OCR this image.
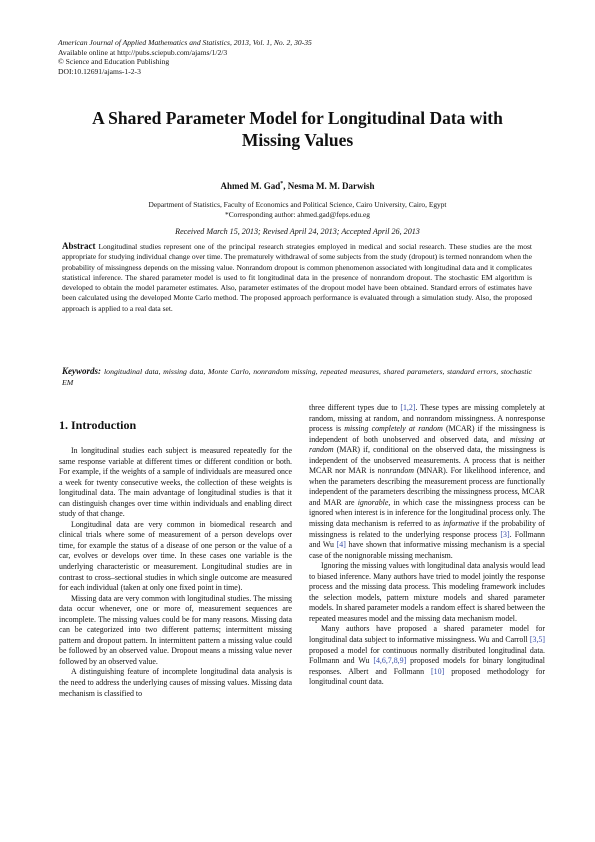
American Journal of Applied Mathematics and Statistics, 2013, Vol. 1, No. 2, 30-35
Available online at http://pubs.sciepub.com/ajams/1/2/3
© Science and Education Publishing
DOI:10.12691/ajams-1-2-3
A Shared Parameter Model for Longitudinal Data with
Missing Values
Ahmed M. Gad*, Nesma M. M. Darwish
Department of Statistics, Faculty of Economics and Political Science, Cairo University, Cairo, Egypt
*Corresponding author: ahmed.gad@feps.edu.eg
Received March 15, 2013; Revised April 24, 2013; Accepted April 26, 2013
Abstract Longitudinal studies represent one of the principal research strategies employed in medical and social research. These studies are the most appropriate for studying individual change over time. The prematurely withdrawal of some subjects from the study (dropout) is termed nonrandom when the probability of missingness depends on the missing value. Nonrandom dropout is common phenomenon associated with longitudinal data and it complicates statistical inference. The shared parameter model is used to fit longitudinal data in the presence of nonrandom dropout. The stochastic EM algorithm is developed to obtain the model parameter estimates. Also, parameter estimates of the dropout model have been obtained. Standard errors of estimates have been calculated using the developed Monte Carlo method. The proposed approach performance is evaluated through a simulation study. Also, the proposed approach is applied to a real data set.
Keywords: longitudinal data, missing data, Monte Carlo, nonrandom missing, repeated measures, shared parameters, standard errors, stochastic EM
1. Introduction

In longitudinal studies each subject is measured repeatedly for the same response variable at different times or different condition or both. For example, if the weights of a sample of individuals are measured once a week for twenty consecutive weeks, the collection of these weights is longitudinal data. The main advantage of longitudinal studies is that it can distinguish changes over time within individuals and enabling direct study of that change.

Longitudinal data are very common in biomedical research and clinical trials where some of measurement of a person develops over time, for example the status of a disease of one person or the value of a car, evolves or develops over time. In these cases one variable is the underlying characteristic or measurement. Longitudinal studies are in contrast to cross–sectional studies in which single outcome are measured for each individual (taken at only one fixed point in time).

Missing data are very common with longitudinal studies. The missing data occur whenever, one or more of, measurement sequences are incomplete. The missing values could be for many reasons. Missing data can be categorized into two different patterns; intermittent missing pattern and dropout pattern. In intermittent pattern a missing value could be followed by an observed value. Dropout means a missing value never followed by an observed value.

A distinguishing feature of incomplete longitudinal data analysis is the need to address the underlying causes of missing values. Missing data mechanism is classified to

three different types due to [1,2]. These types are missing completely at random, missing at random, and nonrandom missingness. A nonresponse process is missing completely at random (MCAR) if the missingness is independent of both unobserved and observed data, and missing at random (MAR) if, conditional on the observed data, the missingness is independent of the unobserved measurements. A process that is neither MCAR nor MAR is nonrandom (MNAR). For likelihood inference, and when the parameters describing the measurement process are functionally independent of the parameters describing the missingness process, MCAR and MAR are ignorable, in which case the missingness process can be ignored when interest is in inference for the longitudinal process only. The missing data mechanism is referred to as informative if the probability of missingness is related to the underlying response process [3]. Follmann and Wu [4] have shown that informative missing mechanism is a special case of the nonignorable missing mechanism.

Ignoring the missing values with longitudinal data analysis would lead to biased inference. Many authors have tried to model jointly the response process and the missing data process. This modeling framework includes the selection models, pattern mixture models and shared parameter models. In shared parameter models a random effect is shared between the repeated measures model and the missing data mechanism model.

Many authors have proposed a shared parameter model for longitudinal data subject to informative missingness. Wu and Carroll [3,5] proposed a model for continuous normally distributed longitudinal data. Follmann and Wu [4,6,7,8,9] proposed models for binary longitudinal responses. Albert and Follmann [10] proposed methodology for longitudinal count data.
